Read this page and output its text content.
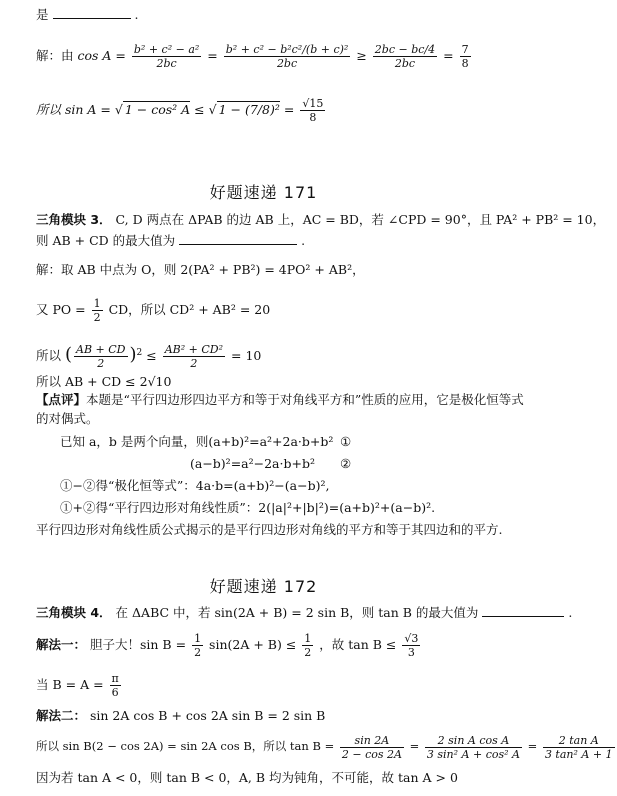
是	.
解：由 $\cos A = \frac{\text{b² + c² − a²}}{2bc} = \frac{\text{b² + c² − b²c²/(b + c)²}}{2bc} \ge \frac{2bc - bc/4}{2bc} = \frac{7}{8}$
所以 sin A = √ 1 − cos² A ≤ √ $1 - (7/8)^2 = \frac{√15}{8}$
好题速递 171
三角模块 3． C, D 两点在 ΔPAB 的边 AB 上，AC = BD，若 ∠CPD = 90°，且 PA² + PB² = 10，
则 AB + CD 的最大值为	.
解：取 AB 中点为 O，则 2(PA² + PB²) = 4PO² + AB²，
又 PO = $\frac{1}{2}$ CD，所以 CD² + AB² = 20
所以 ( $\frac{AB + CD}{2} )^2 \le \frac{\text{AB² + CD²}}{2} = 10$
所以 AB + CD ≤ 2√10
【点评】本题是“平行四边形四边平方和等于对角线平方和”性质的应用，它是极化恒等式
的对偶式。
已知 a，b 是两个向量，则(a+b)²=a²+2a·b+b² ①
(a−b)²=a²−2a·b+b² ②
①−②得“极化恒等式”：4a·b=(a+b)²−(a−b)²,
①+②得“平行四边形对角线性质”：2(|a|²+|b|²)=(a+b)²+(a−b)².
平行四边形对角线性质公式揭示的是平行四边形对角线的平方和等于其四边和的平方.
好题速递 172
三角模块 4． 在 ΔABC 中，若 sin(2A + B) = 2 sin B，则 tan B 的最大值为	.
解法一： 胆子大！$\sin B = \frac{1}{2} \sin(2A + B) \le \frac{1}{2}$ ，故 $\tan B \le \frac{√3}{3}$
当 $B = A = \frac{\pi}{6}$
解法二： sin 2A cos B + cos 2A sin B = 2 sin B
所以 sin B(2 − cos 2A) = sin 2A cos B，所以 $\tan B = \frac{\sin 2A}{2 - \cos 2A} = \frac{\text{2 sin A cos A}}{\text{3 sin² A + cos² A}} = \frac{\text{2 tan A}}{\text{3 tan² A + 1}}$
因为若 tan A < 0，则 tan B < 0，A, B 均为钝角，不可能，故 tan A > 0
